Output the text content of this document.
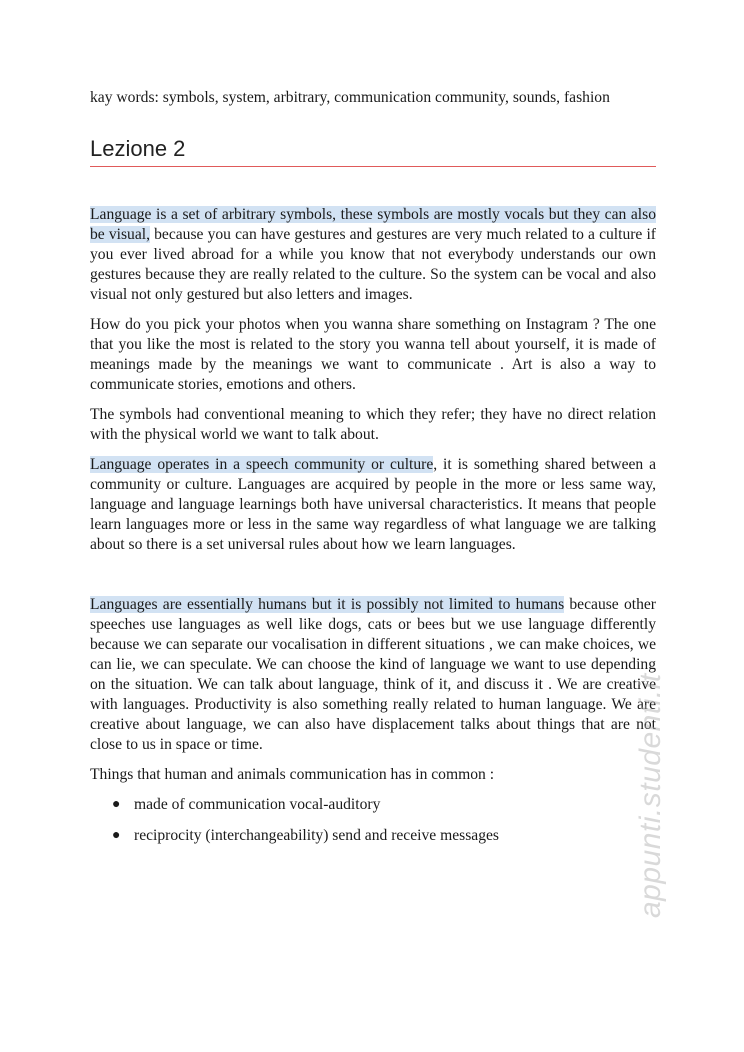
kay words: symbols, system, arbitrary, communication community, sounds, fashion

Lezione 2

Language is a set of arbitrary symbols, these symbols are mostly vocals but they can also be visual, because you can have gestures and gestures are very much related to a culture if you ever lived abroad for a while you know that not everybody understands our own gestures because they are really related to the culture. So the system can be vocal and also visual not only gestured but also letters and images.

How do you pick your photos when you wanna share something on Instagram ? The one that you like the most is related to the story you wanna tell about yourself, it is made of meanings made by the meanings we want to communicate . Art is also a way to communicate stories, emotions and others.

The symbols had conventional meaning to which they refer; they have no direct relation with the physical world we want to talk about.

Language operates in a speech community or culture, it is something shared between a community or culture. Languages are acquired by people in the more or less same way, language and language learnings both have universal characteristics. It means that people learn languages more or less in the same way regardless of what language we are talking about so there is a set universal rules about how we learn languages.

Languages are essentially humans but it is possibly not limited to humans because other speeches use languages as well like dogs, cats or bees but we use language differently because we can separate our vocalisation in different situations , we can make choices, we can lie, we can speculate. We can choose the kind of language we want to use depending on the situation. We can talk about language, think of it, and discuss it . We are creative with languages. Productivity is also something really related to human language. We are creative about language, we can also have displacement talks about things that are not close to us in space or time.

Things that human and animals communication has in common :

● made of communication vocal-auditory
● reciprocity (interchangeability) send and receive messages	appunti.studenti.it
